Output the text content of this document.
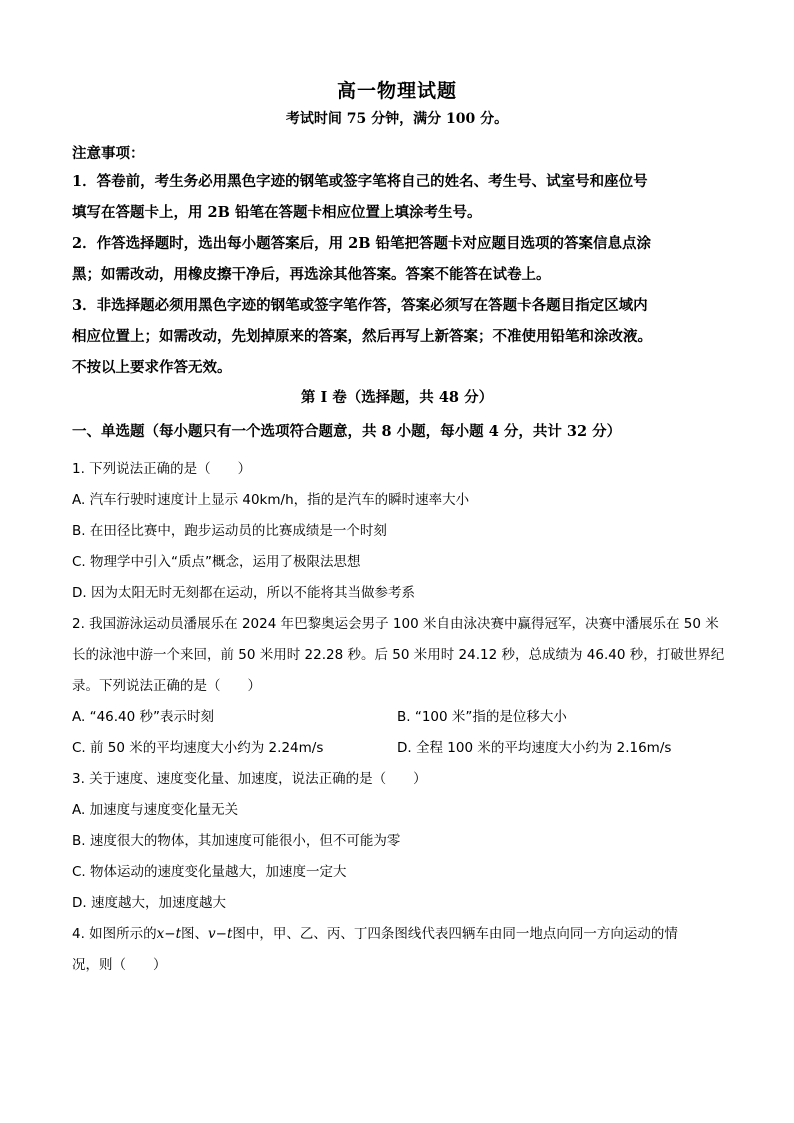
高一物理试题
考试时间 75 分钟，满分 100 分。
注意事项：

1．答卷前，考生务必用黑色字迹的钢笔或签字笔将自己的姓名、考生号、试室号和座位号

填写在答题卡上，用 2B 铅笔在答题卡相应位置上填涂考生号。

2．作答选择题时，选出每小题答案后，用 2B 铅笔把答题卡对应题目选项的答案信息点涂

黑；如需改动，用橡皮擦干净后，再选涂其他答案。答案不能答在试卷上。

3．非选择题必须用黑色字迹的钢笔或签字笔作答，答案必须写在答题卡各题目指定区域内

相应位置上；如需改动，先划掉原来的答案，然后再写上新答案；不准使用铅笔和涂改液。

不按以上要求作答无效。

第 I 卷（选择题，共 48 分）
一、单选题（每小题只有一个选项符合题意，共 8 小题，每小题 4 分，共计 32 分）

1. 下列说法正确的是（　　）

A. 汽车行驶时速度计上显示 40km/h，指的是汽车的瞬时速率大小

B. 在田径比赛中，跑步运动员的比赛成绩是一个时刻

C. 物理学中引入“质点”概念，运用了极限法思想

D. 因为太阳无时无刻都在运动，所以不能将其当做参考系

2. 我国游泳运动员潘展乐在 2024 年巴黎奥运会男子 100 米自由泳决赛中赢得冠军，决赛中潘展乐在 50 米

长的泳池中游一个来回，前 50 米用时 22.28 秒。后 50 米用时 24.12 秒，总成绩为 46.40 秒，打破世界纪

录。下列说法正确的是（　　）

A. “46.40 秒”表示时刻	B. “100 米”指的是位移大小

C. 前 50 米的平均速度大小约为 2.24m/s	D. 全程 100 米的平均速度大小约为 2.16m/s

3. 关于速度、速度变化量、加速度，说法正确的是（　　）

A. 加速度与速度变化量无关

B. 速度很大的物体，其加速度可能很小，但不可能为零

C. 物体运动的速度变化量越大，加速度一定大

D. 速度越大，加速度越大

4. 如图所示的x−t图、v−t图中，甲、乙、丙、丁四条图线代表四辆车由同一地点向同一方向运动的情

况，则（　　）
